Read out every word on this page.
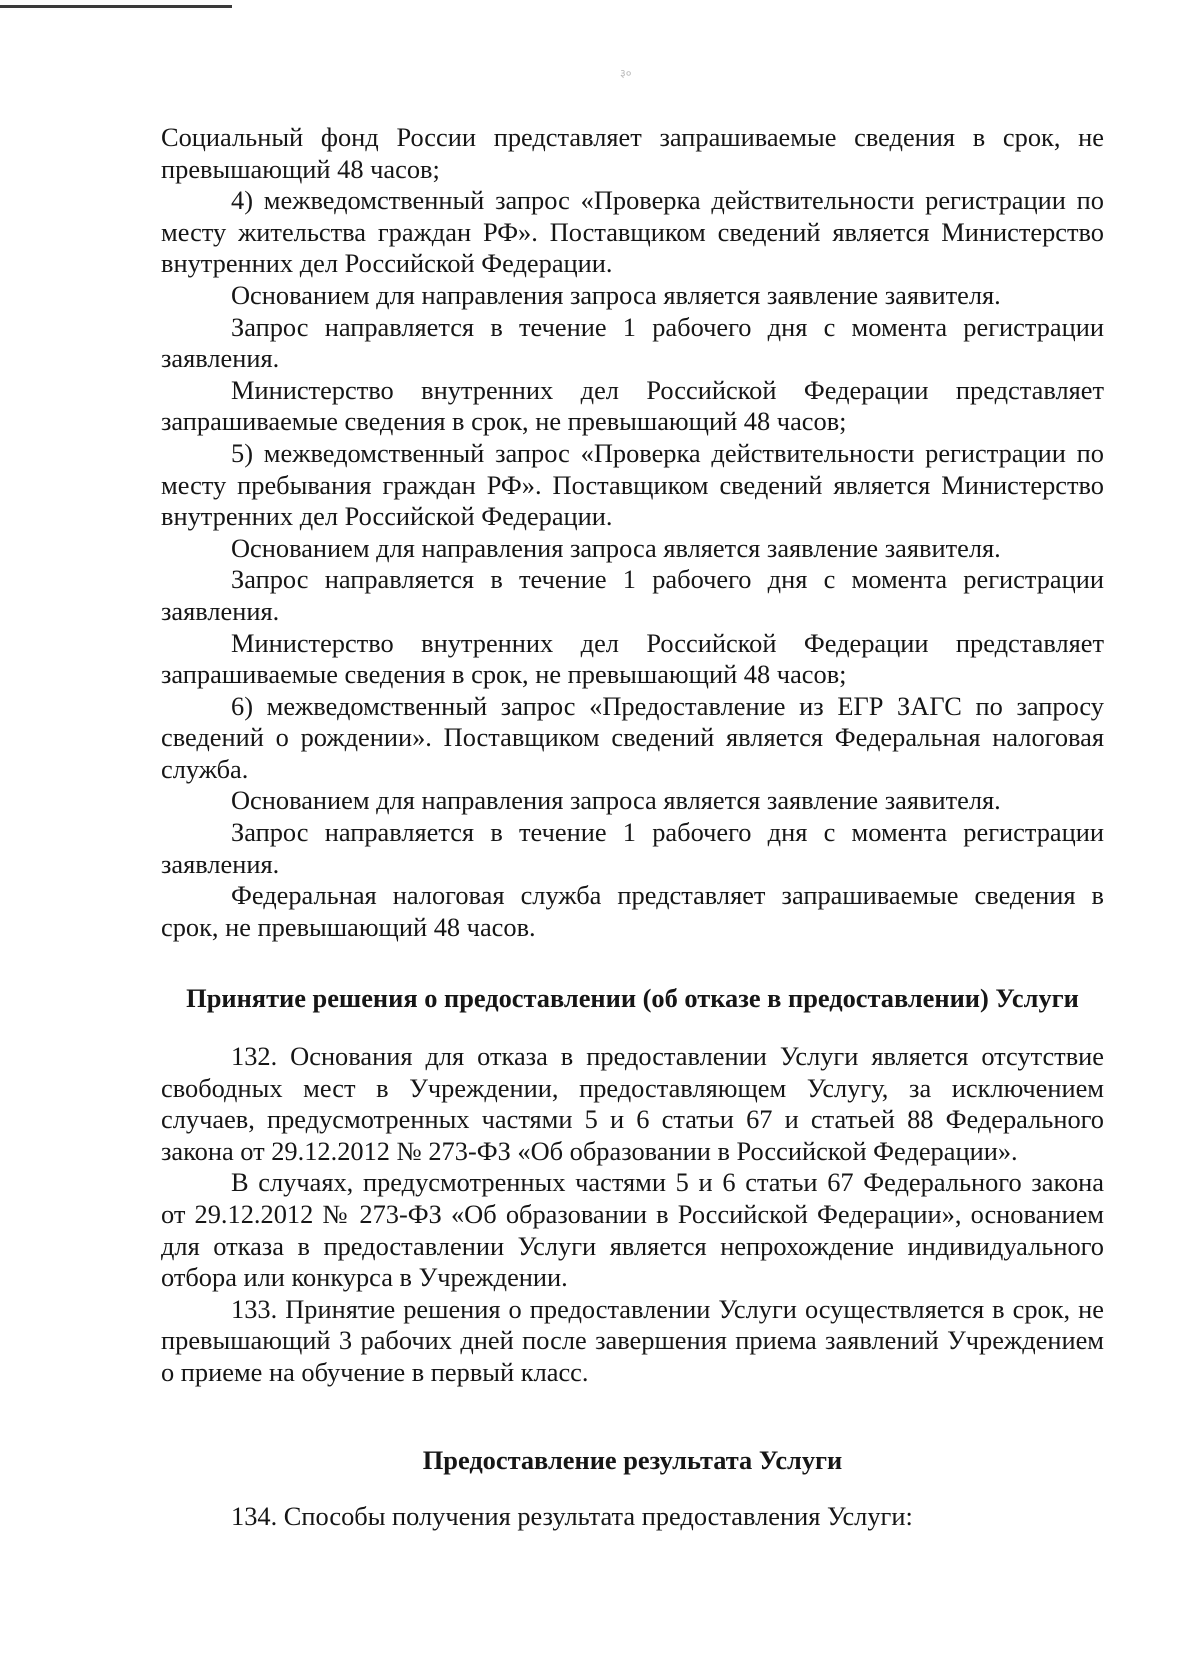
३०

Социальный фонд России представляет запрашиваемые сведения в срок, не превышающий 48 часов;

4) межведомственный запрос «Проверка действительности регистрации по месту жительства граждан РФ». Поставщиком сведений является Министерство внутренних дел Российской Федерации.

Основанием для направления запроса является заявление заявителя.

Запрос направляется в течение 1 рабочего дня с момента регистрации заявления.

Министерство внутренних дел Российской Федерации представляет запрашиваемые сведения в срок, не превышающий 48 часов;

5) межведомственный запрос «Проверка действительности регистрации по месту пребывания граждан РФ». Поставщиком сведений является Министерство внутренних дел Российской Федерации.

Основанием для направления запроса является заявление заявителя.

Запрос направляется в течение 1 рабочего дня с момента регистрации заявления.

Министерство внутренних дел Российской Федерации представляет запрашиваемые сведения в срок, не превышающий 48 часов;

6) межведомственный запрос «Предоставление из ЕГР ЗАГС по запросу сведений о рождении». Поставщиком сведений является Федеральная налоговая служба.

Основанием для направления запроса является заявление заявителя.

Запрос направляется в течение 1 рабочего дня с момента регистрации заявления.

Федеральная налоговая служба представляет запрашиваемые сведения в срок, не превышающий 48 часов.

Принятие решения о предоставлении (об отказе в предоставлении) Услуги

132. Основания для отказа в предоставлении Услуги является отсутствие свободных мест в Учреждении, предоставляющем Услугу, за исключением случаев, предусмотренных частями 5 и 6 статьи 67 и статьей 88 Федерального закона от 29.12.2012 № 273-ФЗ «Об образовании в Российской Федерации».

В случаях, предусмотренных частями 5 и 6 статьи 67 Федерального закона от 29.12.2012 № 273-ФЗ «Об образовании в Российской Федерации», основанием для отказа в предоставлении Услуги является непрохождение индивидуального отбора или конкурса в Учреждении.

133. Принятие решения о предоставлении Услуги осуществляется в срок, не превышающий 3 рабочих дней после завершения приема заявлений Учреждением о приеме на обучение в первый класс.

Предоставление результата Услуги

134. Способы получения результата предоставления Услуги:
